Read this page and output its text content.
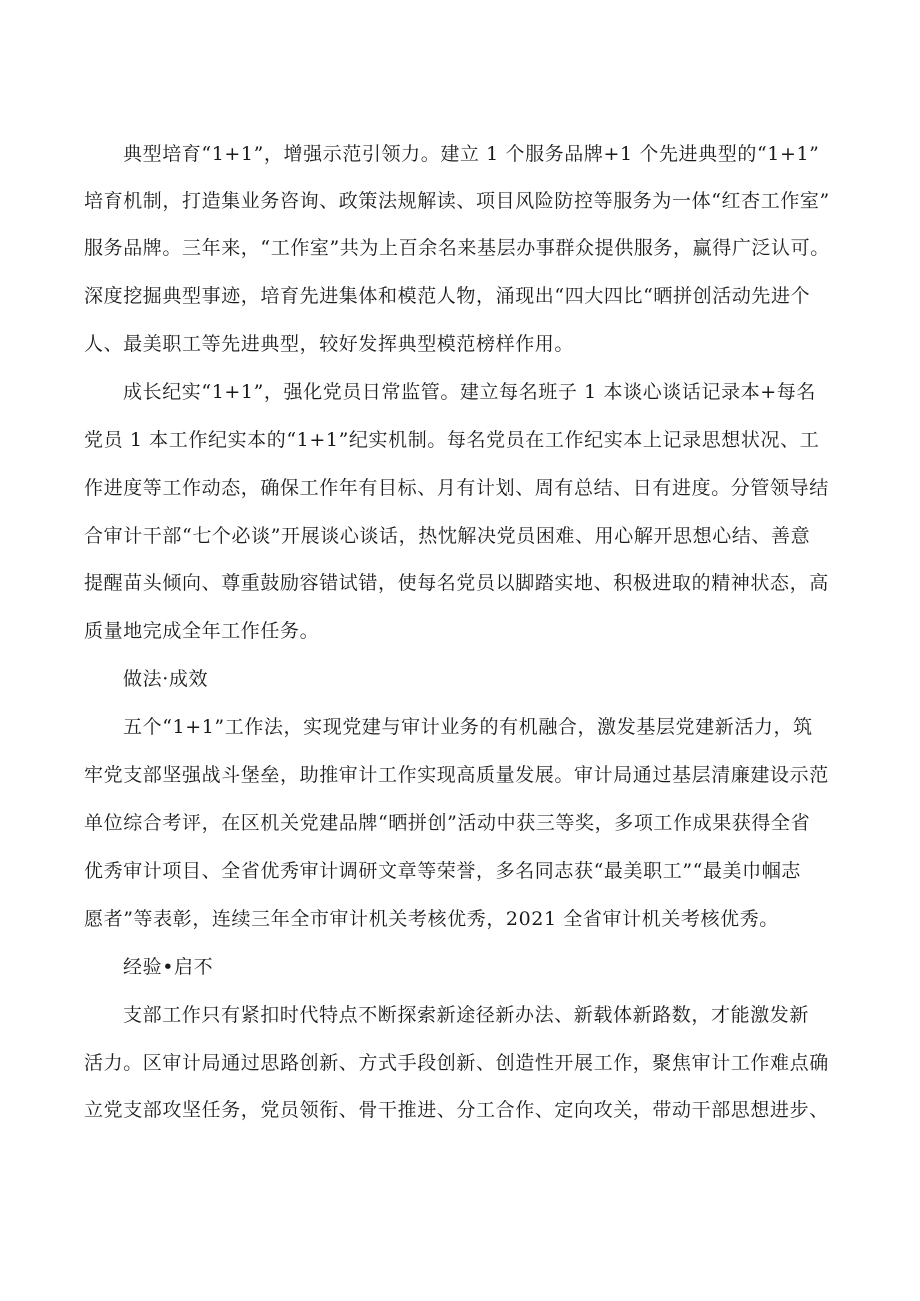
典型培育“1+1”，增强示范引领力。建立 1 个服务品牌+1 个先进典型的“1+1”
培育机制，打造集业务咨询、政策法规解读、项目风险防控等服务为一体“红杏工作室”
服务品牌。三年来，“工作室”共为上百余名来基层办事群众提供服务，赢得广泛认可。
深度挖掘典型事迹，培育先进集体和模范人物，涌现出“四大四比“晒拼创活动先进个
人、最美职工等先进典型，较好发挥典型模范榜样作用。
成长纪实“1+1”，强化党员日常监管。建立每名班子 1 本谈心谈话记录本+每名
党员 1 本工作纪实本的“1+1”纪实机制。每名党员在工作纪实本上记录思想状况、工
作进度等工作动态，确保工作年有目标、月有计划、周有总结、日有进度。分管领导结
合审计干部“七个必谈”开展谈心谈话，热忱解决党员困难、用心解开思想心结、善意
提醒苗头倾向、尊重鼓励容错试错，使每名党员以脚踏实地、积极进取的精神状态，高
质量地完成全年工作任务。
做法·成效
五个“1+1”工作法，实现党建与审计业务的有机融合，激发基层党建新活力，筑
牢党支部坚强战斗堡垒，助推审计工作实现高质量发展。审计局通过基层清廉建设示范
单位综合考评，在区机关党建品牌“晒拼创”活动中获三等奖，多项工作成果获得全省
优秀审计项目、全省优秀审计调研文章等荣誉，多名同志获“最美职工”“最美巾帼志
愿者”等表彰，连续三年全市审计机关考核优秀，2021 全省审计机关考核优秀。
经验•启不
支部工作只有紧扣时代特点不断探索新途径新办法、新载体新路数，才能激发新
活力。区审计局通过思路创新、方式手段创新、创造性开展工作，聚焦审计工作难点确
立党支部攻坚任务，党员领衔、骨干推进、分工合作、定向攻关，带动干部思想进步、
